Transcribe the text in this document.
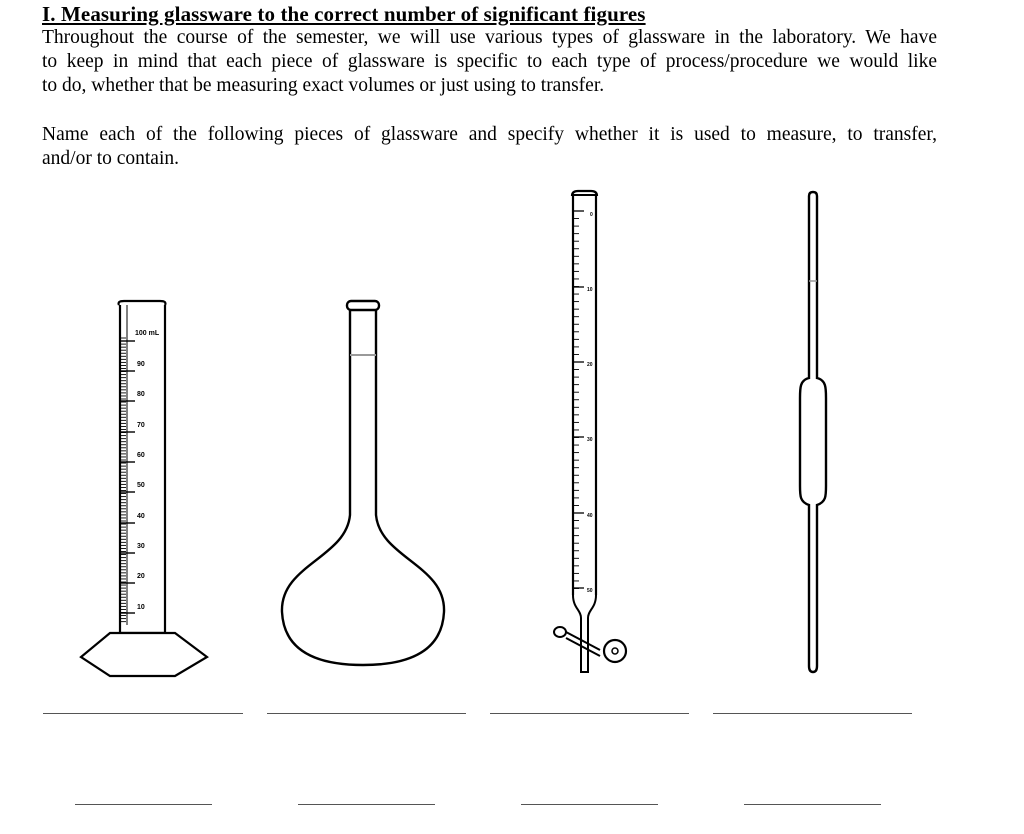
I. Measuring glassware to the correct number of significant figures
Throughout the course of the semester, we will use various types of glassware in the laboratory. We have
to keep in mind that each piece of glassware is specific to each type of process/procedure we would like
to do, whether that be measuring exact volumes or just using to transfer.
Name each of the following pieces of glassware and specify whether it is used to measure, to transfer,
and/or to contain.
100 mL
90
80
70
60
50
40
30
20
10
0
10
20
30
40
50
